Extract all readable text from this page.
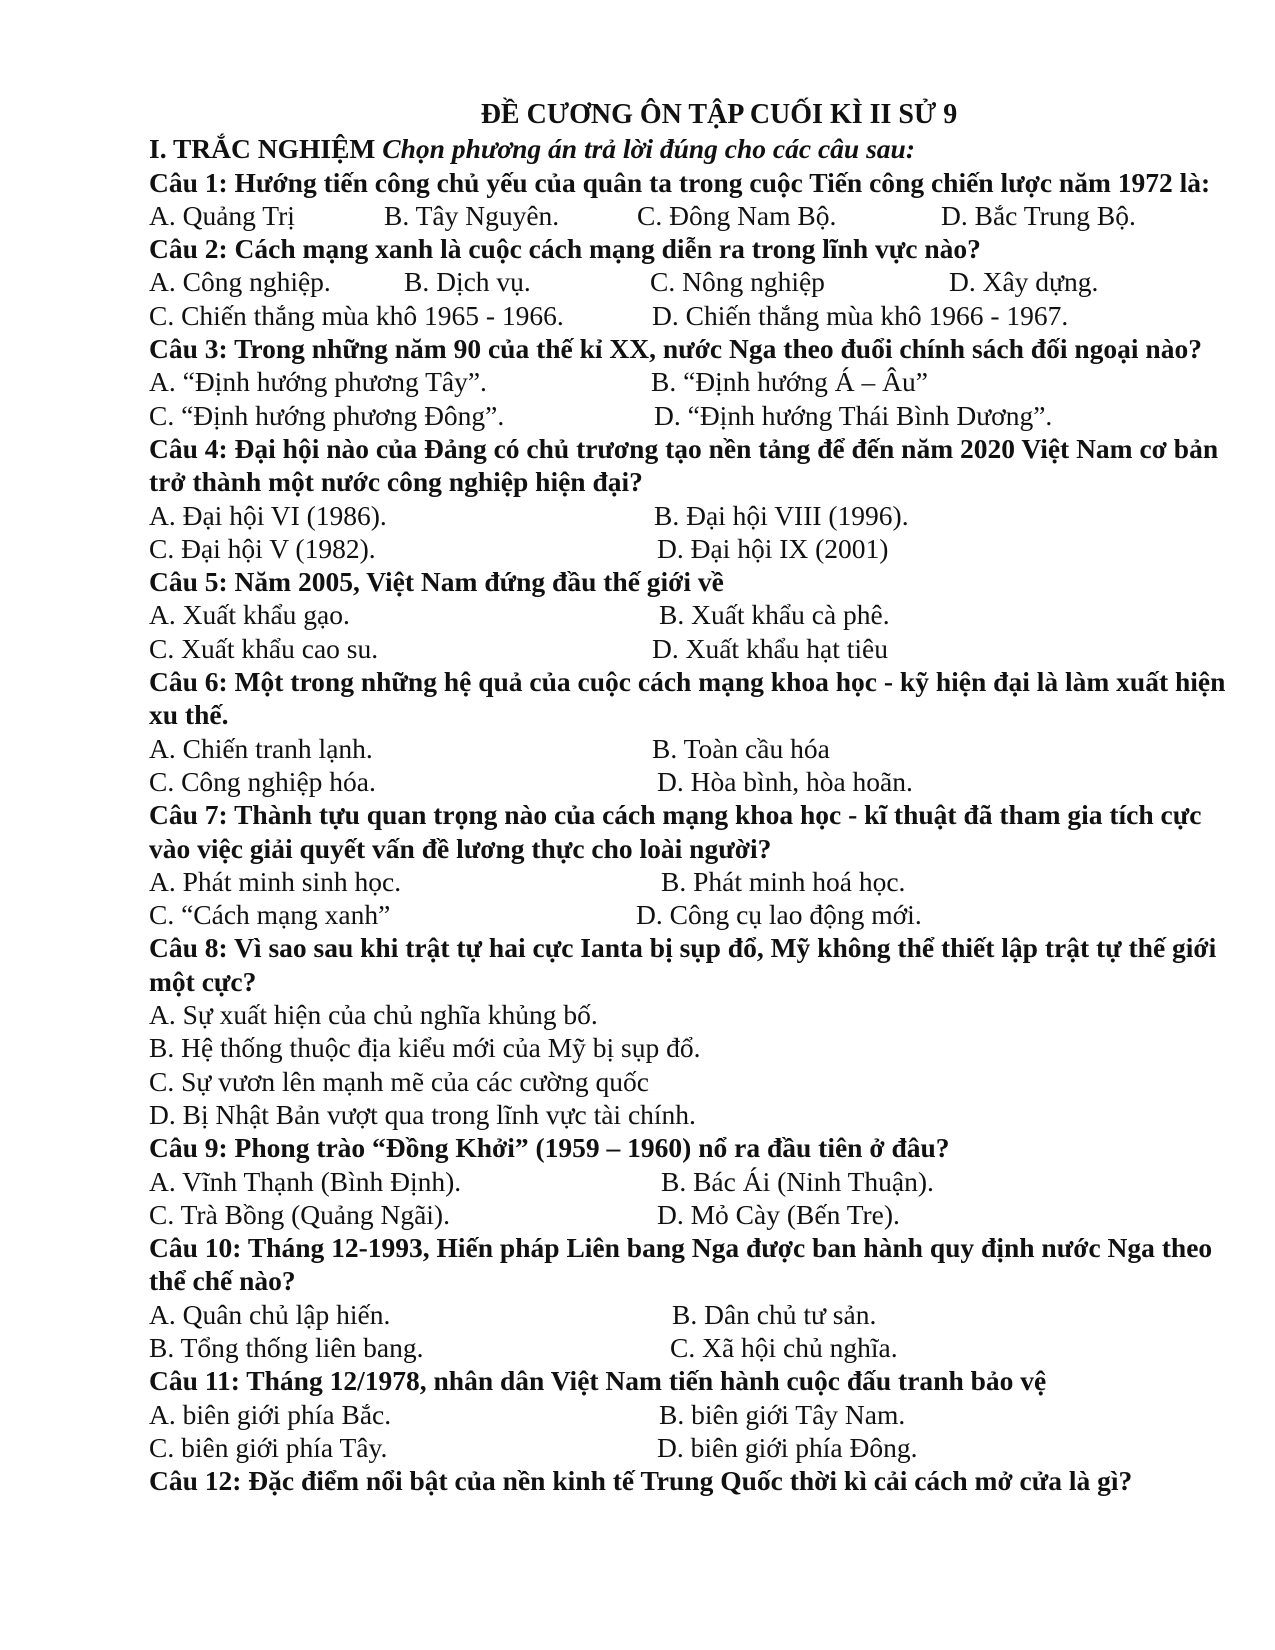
ĐỀ CƯƠNG ÔN TẬP CUỐI KÌ II SỬ 9
I. TRẮC NGHIỆM Chọn phương án trả lời đúng cho các câu sau:
Câu 1: Hướng tiến công chủ yếu của quân ta trong cuộc Tiến công chiến lược năm 1972 là:
A. Quảng Trị	B. Tây Nguyên.	C. Đông Nam Bộ.	D. Bắc Trung Bộ.
Câu 2: Cách mạng xanh là cuộc cách mạng diễn ra trong lĩnh vực nào?
A. Công nghiệp.	B. Dịch vụ.	C. Nông nghiệp	D. Xây dựng.
C. Chiến thắng mùa khô 1965 - 1966.	D. Chiến thắng mùa khô 1966 - 1967.
Câu 3: Trong những năm 90 của thế kỉ XX, nước Nga theo đuổi chính sách đối ngoại nào?
A. “Định hướng phương Tây”.	B. “Định hướng Á – Âu”
C. “Định hướng phương Đông”.	D. “Định hướng Thái Bình Dương”.
Câu 4: Đại hội nào của Đảng có chủ trương tạo nền tảng để đến năm 2020 Việt Nam cơ bản trở thành một nước công nghiệp hiện đại?
A. Đại hội VI (1986).	B. Đại hội VIII (1996).
C. Đại hội V (1982).	D. Đại hội IX (2001)
Câu 5: Năm 2005, Việt Nam đứng đầu thế giới về
A. Xuất khẩu gạo.	B. Xuất khẩu cà phê.
C. Xuất khẩu cao su.	D. Xuất khẩu hạt tiêu
Câu 6: Một trong những hệ quả của cuộc cách mạng khoa học - kỹ hiện đại là làm xuất hiện xu thế.
A. Chiến tranh lạnh.	B. Toàn cầu hóa
C. Công nghiệp hóa.	D. Hòa bình, hòa hoãn.
Câu 7: Thành tựu quan trọng nào của cách mạng khoa học - kĩ thuật đã tham gia tích cực vào việc giải quyết vấn đề lương thực cho loài người?
A. Phát minh sinh học.	B. Phát minh hoá học.
C. “Cách mạng xanh”	D. Công cụ lao động mới.
Câu 8: Vì sao sau khi trật tự hai cực Ianta bị sụp đổ, Mỹ không thể thiết lập trật tự thế giới một cực?
A. Sự xuất hiện của chủ nghĩa khủng bố.
B. Hệ thống thuộc địa kiểu mới của Mỹ bị sụp đổ.
C. Sự vươn lên mạnh mẽ của các cường quốc
D. Bị Nhật Bản vượt qua trong lĩnh vực tài chính.
Câu 9: Phong trào “Đồng Khởi” (1959 – 1960) nổ ra đầu tiên ở đâu?
A. Vĩnh Thạnh (Bình Định).	B. Bác Ái (Ninh Thuận).
C. Trà Bồng (Quảng Ngãi).	D. Mỏ Cày (Bến Tre).
Câu 10: Tháng 12-1993, Hiến pháp Liên bang Nga được ban hành quy định nước Nga theo thể chế nào?
A. Quân chủ lập hiến.	B. Dân chủ tư sản.
B. Tổng thống liên bang.	C. Xã hội chủ nghĩa.
Câu 11: Tháng 12/1978, nhân dân Việt Nam tiến hành cuộc đấu tranh bảo vệ
A. biên giới phía Bắc.	B. biên giới Tây Nam.
C. biên giới phía Tây.	D. biên giới phía Đông.
Câu 12: Đặc điểm nổi bật của nền kinh tế Trung Quốc thời kì cải cách mở cửa là gì?
